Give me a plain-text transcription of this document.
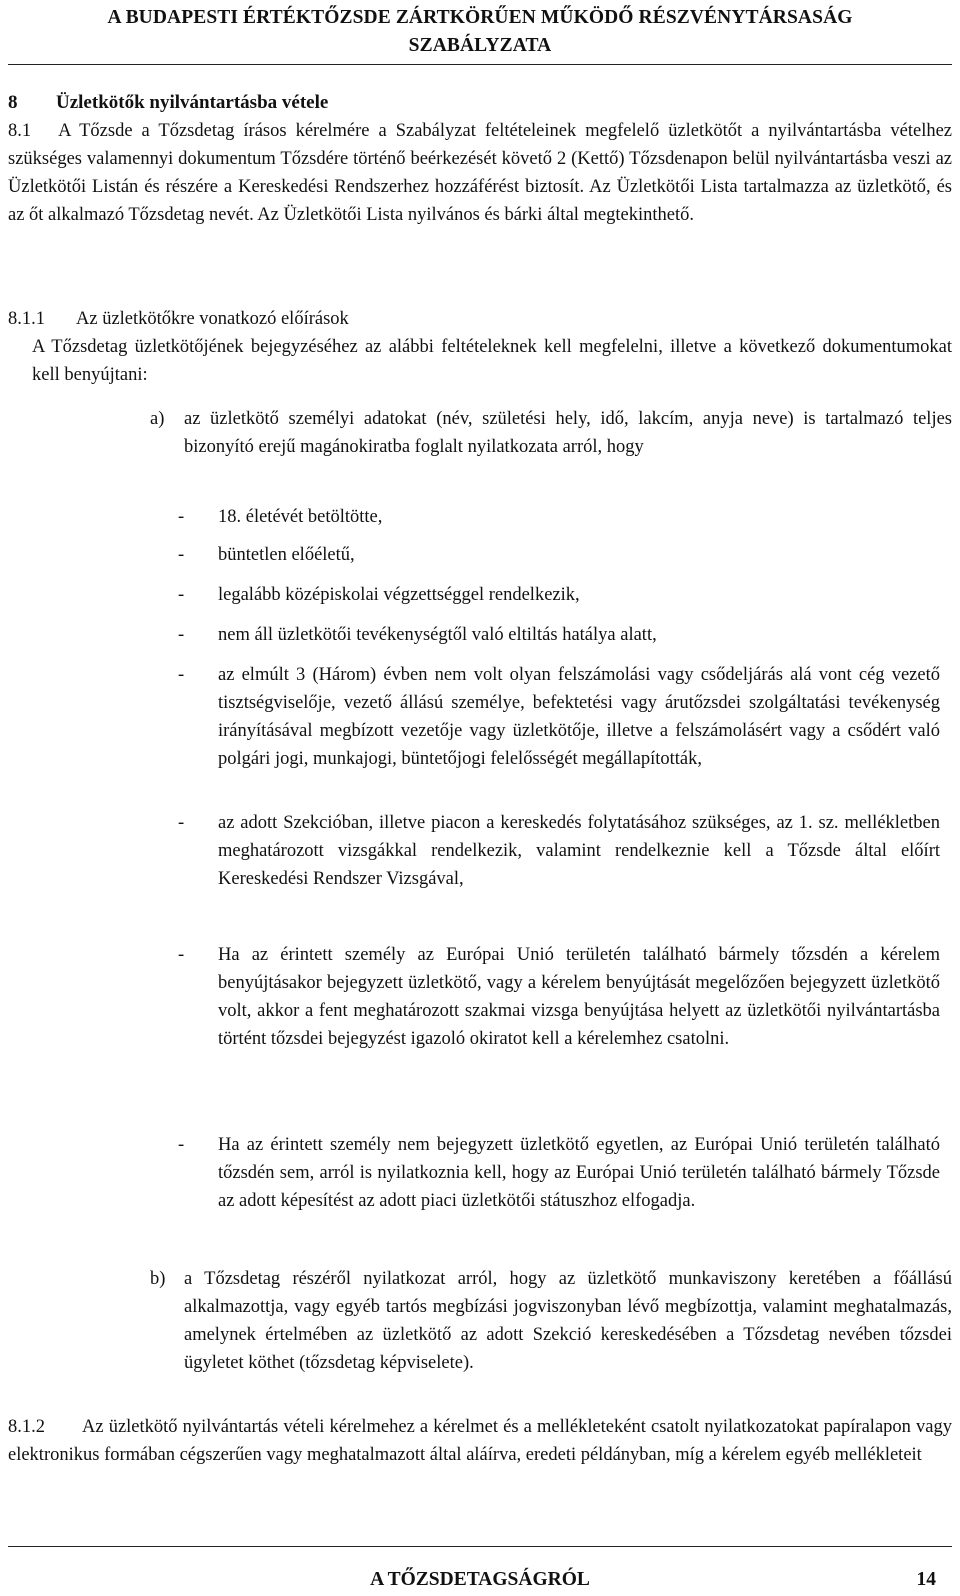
A BUDAPESTI ÉRTÉKTŐZSDE ZÁRTKÖRŰEN MŰKÖDŐ RÉSZVÉNYTÁRSASÁG
SZABÁLYZATA
8 Üzletkötők nyilvántartásba vétele
8.1 A Tőzsde a Tőzsdetag írásos kérelmére a Szabályzat feltételeinek megfelelő üzletkötőt a nyilvántartásba vételhez szükséges valamennyi dokumentum Tőzsdére történő beérkezését követő 2 (Kettő) Tőzsdenapon belül nyilvántartásba veszi az Üzletkötői Listán és részére a Kereskedési Rendszerhez hozzáférést biztosít. Az Üzletkötői Lista tartalmazza az üzletkötő, és az őt alkalmazó Tőzsdetag nevét. Az Üzletkötői Lista nyilvános és bárki által megtekinthető.
8.1.1 Az üzletkötőkre vonatkozó előírások
A Tőzsdetag üzletkötőjének bejegyzéséhez az alábbi feltételeknek kell megfelelni, illetve a következő dokumentumokat kell benyújtani:
a) az üzletkötő személyi adatokat (név, születési hely, idő, lakcím, anyja neve) is tartalmazó teljes bizonyító erejű magánokiratba foglalt nyilatkozata arról, hogy
- 18. életévét betöltötte,
- büntetlen előéletű,
- legalább középiskolai végzettséggel rendelkezik,
- nem áll üzletkötői tevékenységtől való eltiltás hatálya alatt,
- az elmúlt 3 (Három) évben nem volt olyan felszámolási vagy csődeljárás alá vont cég vezető tisztségviselője, vezető állású személye, befektetési vagy árutőzsdei szolgáltatási tevékenység irányításával megbízott vezetője vagy üzletkötője, illetve a felszámolásért vagy a csődért való polgári jogi, munkajogi, büntetőjogi felelősségét megállapították,
- az adott Szekcióban, illetve piacon a kereskedés folytatásához szükséges, az 1. sz. mellékletben meghatározott vizsgákkal rendelkezik, valamint rendelkeznie kell a Tőzsde által előírt Kereskedési Rendszer Vizsgával,
- Ha az érintett személy az Európai Unió területén található bármely tőzsdén a kérelem benyújtásakor bejegyzett üzletkötő, vagy a kérelem benyújtását megelőzően bejegyzett üzletkötő volt, akkor a fent meghatározott szakmai vizsga benyújtása helyett az üzletkötői nyilvántartásba történt tőzsdei bejegyzést igazoló okiratot kell a kérelemhez csatolni.
- Ha az érintett személy nem bejegyzett üzletkötő egyetlen, az Európai Unió területén található tőzsdén sem, arról is nyilatkoznia kell, hogy az Európai Unió területén található bármely Tőzsde az adott képesítést az adott piaci üzletkötői státuszhoz elfogadja.
b) a Tőzsdetag részéről nyilatkozat arról, hogy az üzletkötő munkaviszony keretében a főállású alkalmazottja, vagy egyéb tartós megbízási jogviszonyban lévő megbízottja, valamint meghatalmazás, amelynek értelmében az üzletkötő az adott Szekció kereskedésében a Tőzsdetag nevében tőzsdei ügyletet köthet (tőzsdetag képviselete).
8.1.2 Az üzletkötő nyilvántartás vételi kérelmehez a kérelmet és a mellékleteként csatolt nyilatkozatokat papíralapon vagy elektronikus formában cégszerűen vagy meghatalmazott által aláírva, eredeti példányban, míg a kérelem egyéb mellékleteit
A TŐZSDETAGSÁGRÓL	14
